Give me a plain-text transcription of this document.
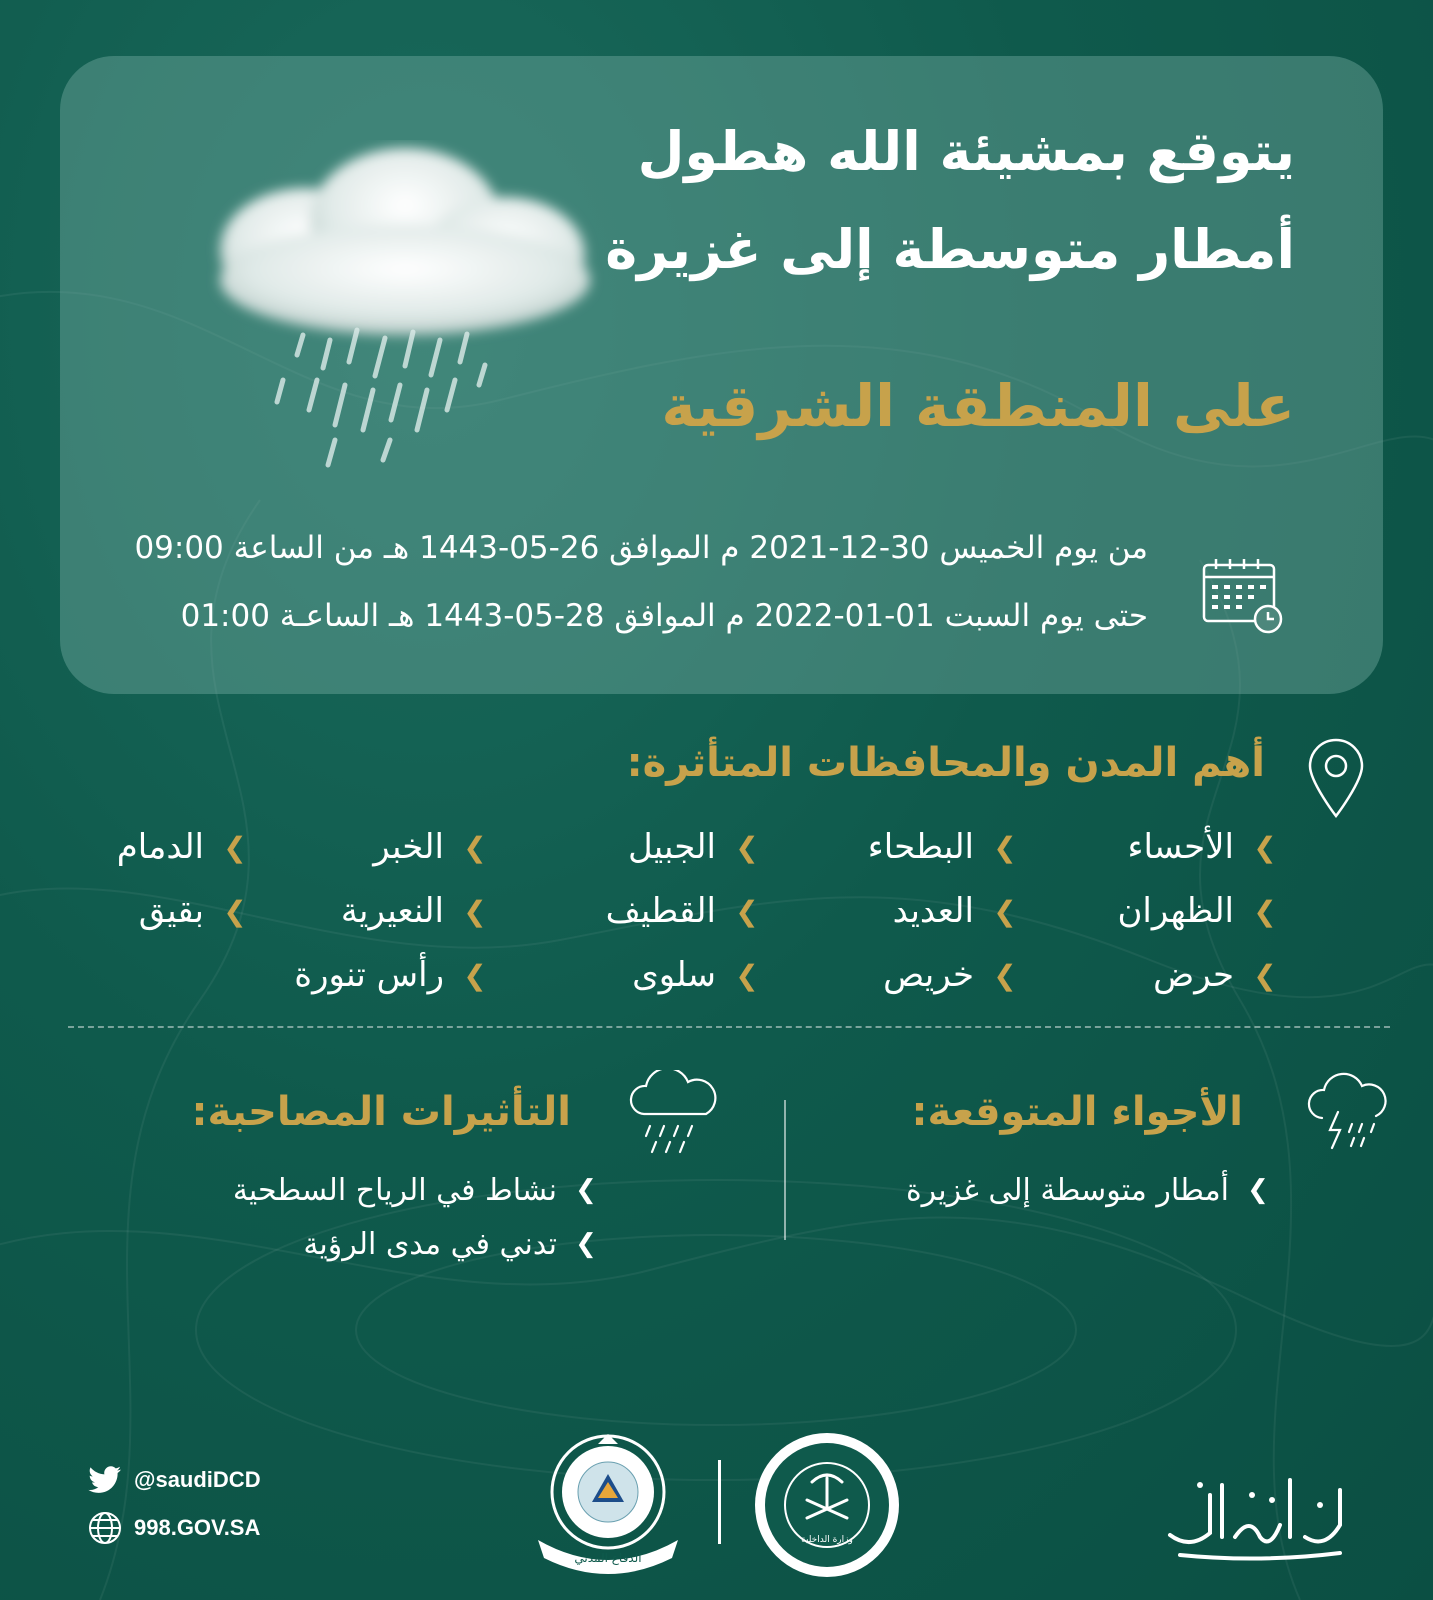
يتوقع بمشيئة الله هطول
أمطار متوسطة إلى غزيرة
على المنطقة الشرقية
من يوم الخميس 30-12-2021 م الموافق 26-05-1443 هـ من الساعة 09:00
حتى يوم السبت 01-01-2022 م الموافق 28-05-1443 هـ الساعـة 01:00
أهم المدن والمحافظات المتأثرة:
❮
الأحساء
❮
البطحاء
❮
الجبيل
❮
الخبر
❮
الدمام
❮
الظهران
❮
العديد
❮
القطيف
❮
النعيرية
❮
بقيق
❮
حرض
❮
خريص
❮
سلوى
❮
رأس تنورة
الأجواء المتوقعة:
❮
أمطار متوسطة إلى غزيرة
التأثيرات المصاحبة:
❮
نشاط في الرياح السطحية
❮
تدني في مدى الرؤية
@saudiDCD
998.GOV.SA
الدفاع المدني
وزارة الداخلية
